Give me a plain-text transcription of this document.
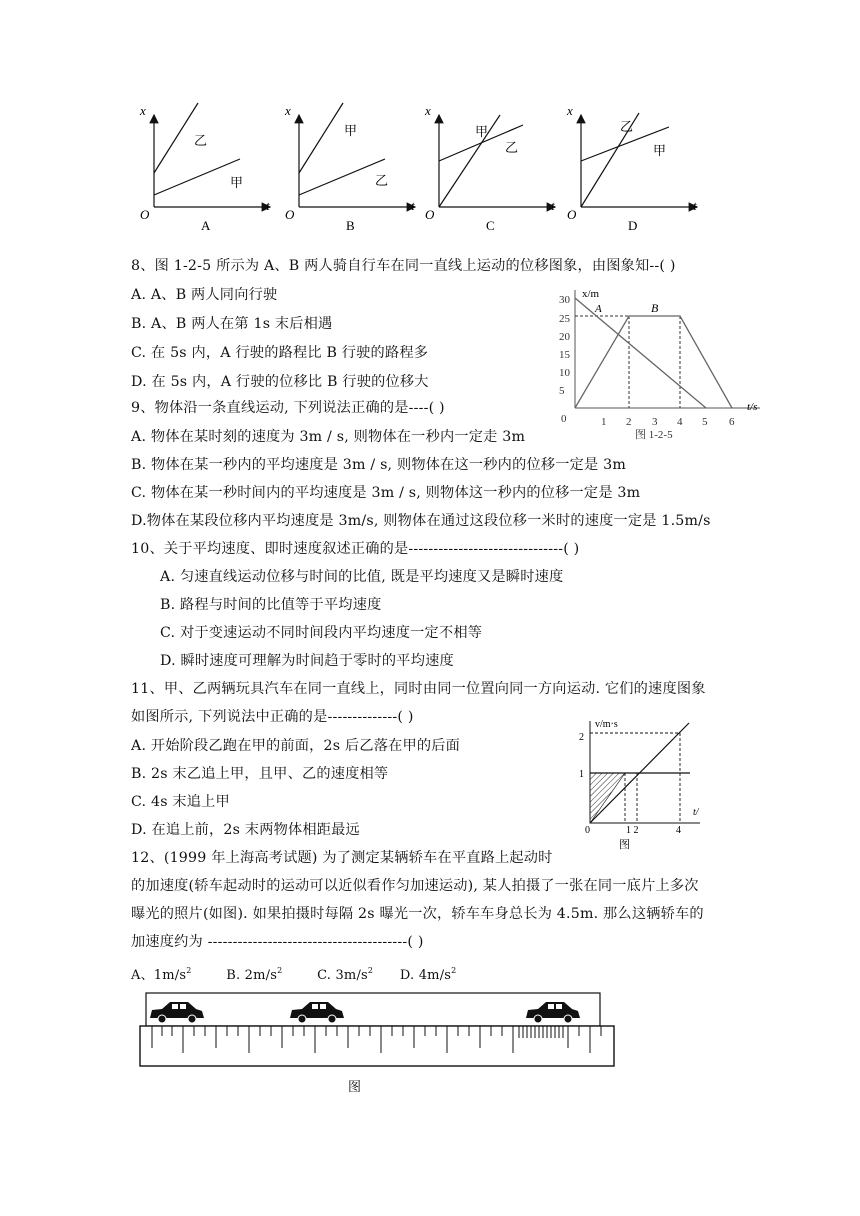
x
t
O
乙
甲
A
x
t
O
甲
乙
B
x
t
O
甲
乙
C
x
t
O
乙
甲
D
8、图 1-2-5 所示为 A、B 两人骑自行车在同一直线上运动的位移图象，由图象知--( )
A. A、B 两人同向行驶
B. A、B 两人在第 1s 末后相遇
C. 在 5s 内，A 行驶的路程比 B 行驶的路程多
D. 在 5s 内，A 行驶的位移比 B 行驶的位移大
x/m
t/s
30
25
20
15
10
5
0	1 2 3 4 5 6
A	B
图 1-2-5
9、物体沿一条直线运动, 下列说法正确的是----( )
A. 物体在某时刻的速度为 3m / s, 则物体在一秒内一定走 3m
B. 物体在某一秒内的平均速度是 3m / s, 则物体在这一秒内的位移一定是 3m
C. 物体在某一秒时间内的平均速度是 3m / s, 则物体这一秒内的位移一定是 3m
D.物体在某段位移内平均速度是 3m/s, 则物体在通过这段位移一米时的速度一定是 1.5m/s
10、关于平均速度、即时速度叙述正确的是-------------------------------( )
A. 匀速直线运动位移与时间的比值, 既是平均速度又是瞬时速度
B. 路程与时间的比值等于平均速度
C. 对于变速运动不同时间段内平均速度一定不相等
D. 瞬时速度可理解为时间趋于零时的平均速度
11、甲、乙两辆玩具汽车在同一直线上，同时由同一位置向同一方向运动. 它们的速度图象
如图所示, 下列说法中正确的是--------------( )
A. 开始阶段乙跑在甲的前面，2s 后乙落在甲的后面
B. 2s 末乙追上甲，且甲、乙的速度相等
C. 4s 末追上甲
D. 在追上前，2s 末两物体相距最远
v/m·s
t/
2
1
0	1 2	4
图
12、(1999 年上海高考试题) 为了测定某辆轿车在平直路上起动时
的加速度(轿车起动时的运动可以近似看作匀加速运动), 某人拍摄了一张在同一底片上多次
曝光的照片(如图). 如果拍摄时每隔 2s 曝光一次，轿车车身总长为 4.5m. 那么这辆轿车的
加速度约为 ----------------------------------------( )
A、$1m/s^2$	B. $2m/s^2$	C. $3m/s^2$ D. $4m/s^2$
图
